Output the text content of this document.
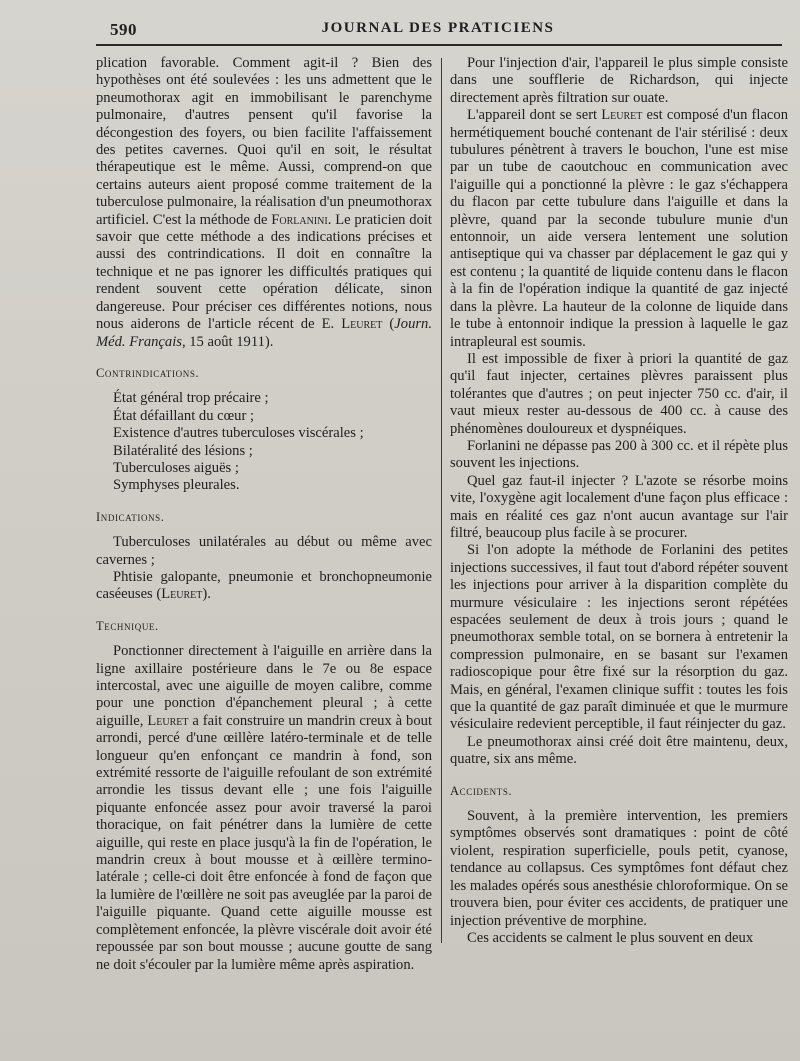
590	JOURNAL DES PRATICIENS

plication favorable. Comment agit-il ? Bien des hypothèses ont été soulevées : les uns admettent que le pneumothorax agit en immobilisant le parenchyme pulmonaire, d'autres pensent qu'il favorise la décongestion des foyers, ou bien facilite l'affaissement des petites cavernes. Quoi qu'il en soit, le résultat thérapeutique est le même. Aussi, comprend-on que certains auteurs aient proposé comme traitement de la tuberculose pulmonaire, la réalisation d'un pneumothorax artificiel. C'est la méthode de Forlanini. Le praticien doit savoir que cette méthode a des indications précises et aussi des contrindications. Il doit en connaître la technique et ne pas ignorer les difficultés pratiques qui rendent souvent cette opération délicate, sinon dangereuse. Pour préciser ces différentes notions, nous nous aiderons de l'article récent de E. Leuret (Journ. Méd. Français, 15 août 1911).

Contrindications.

État général trop précaire ;

État défaillant du cœur ;

Existence d'autres tuberculoses viscérales ;

Bilatéralité des lésions ;

Tuberculoses aiguës ;

Symphyses pleurales.

Indications.

Tuberculoses unilatérales au début ou même avec cavernes ;

Phtisie galopante, pneumonie et bronchopneumonie caséeuses (Leuret).

Technique.

Ponctionner directement à l'aiguille en arrière dans la ligne axillaire postérieure dans le 7e ou 8e espace intercostal, avec une aiguille de moyen calibre, comme pour une ponction d'épanchement pleural ; à cette aiguille, Leuret a fait construire un mandrin creux à bout arrondi, percé d'une œillère latéro-terminale et de telle longueur qu'en enfonçant ce mandrin à fond, son extrémité ressorte de l'aiguille refoulant de son extrémité arrondie les tissus devant elle ; une fois l'aiguille piquante enfoncée assez pour avoir traversé la paroi thoracique, on fait pénétrer dans la lumière de cette aiguille, qui reste en place jusqu'à la fin de l'opération, le mandrin creux à bout mousse et à œillère termino-latérale ; celle-ci doit être enfoncée à fond de façon que la lumière de l'œillère ne soit pas aveuglée par la paroi de l'aiguille piquante. Quand cette aiguille mousse est complètement enfoncée, la plèvre viscérale doit avoir été repoussée par son bout mousse ; aucune goutte de sang ne doit s'écouler par la lumière même après aspiration.

Pour l'injection d'air, l'appareil le plus simple consiste dans une soufflerie de Richardson, qui injecte directement après filtration sur ouate.

L'appareil dont se sert Leuret est composé d'un flacon hermétiquement bouché contenant de l'air stérilisé : deux tubulures pénètrent à travers le bouchon, l'une est mise par un tube de caoutchouc en communication avec l'aiguille qui a ponctionné la plèvre : le gaz s'échappera du flacon par cette tubulure dans l'aiguille et dans la plèvre, quand par la seconde tubulure munie d'un entonnoir, un aide versera lentement une solution antiseptique qui va chasser par déplacement le gaz qui y est contenu ; la quantité de liquide contenu dans le flacon à la fin de l'opération indique la quantité de gaz injecté dans la plèvre. La hauteur de la colonne de liquide dans le tube à entonnoir indique la pression à laquelle le gaz intrapleural est soumis.

Il est impossible de fixer à priori la quantité de gaz qu'il faut injecter, certaines plèvres paraissent plus tolérantes que d'autres ; on peut injecter 750 cc. d'air, il vaut mieux rester au-dessous de 400 cc. à cause des phénomènes douloureux et dyspnéiques.

Forlanini ne dépasse pas 200 à 300 cc. et il répète plus souvent les injections.

Quel gaz faut-il injecter ? L'azote se résorbe moins vite, l'oxygène agit localement d'une façon plus efficace : mais en réalité ces gaz n'ont aucun avantage sur l'air filtré, beaucoup plus facile à se procurer.

Si l'on adopte la méthode de Forlanini des petites injections successives, il faut tout d'abord répéter souvent les injections pour arriver à la disparition complète du murmure vésiculaire : les injections seront répétées espacées seulement de deux à trois jours ; quand le pneumothorax semble total, on se bornera à entretenir la compression pulmonaire, en se basant sur l'examen radioscopique pour être fixé sur la résorption du gaz. Mais, en général, l'examen clinique suffit : toutes les fois que la quantité de gaz paraît diminuée et que le murmure vésiculaire redevient perceptible, il faut réinjecter du gaz.

Le pneumothorax ainsi créé doit être maintenu, deux, quatre, six ans même.

Accidents.

Souvent, à la première intervention, les premiers symptômes observés sont dramatiques : point de côté violent, respiration superficielle, pouls petit, cyanose, tendance au collapsus. Ces symptômes font défaut chez les malades opérés sous anesthésie chloroformique. On se trouvera bien, pour éviter ces accidents, de pratiquer une injection préventive de morphine.

Ces accidents se calment le plus souvent en deux
